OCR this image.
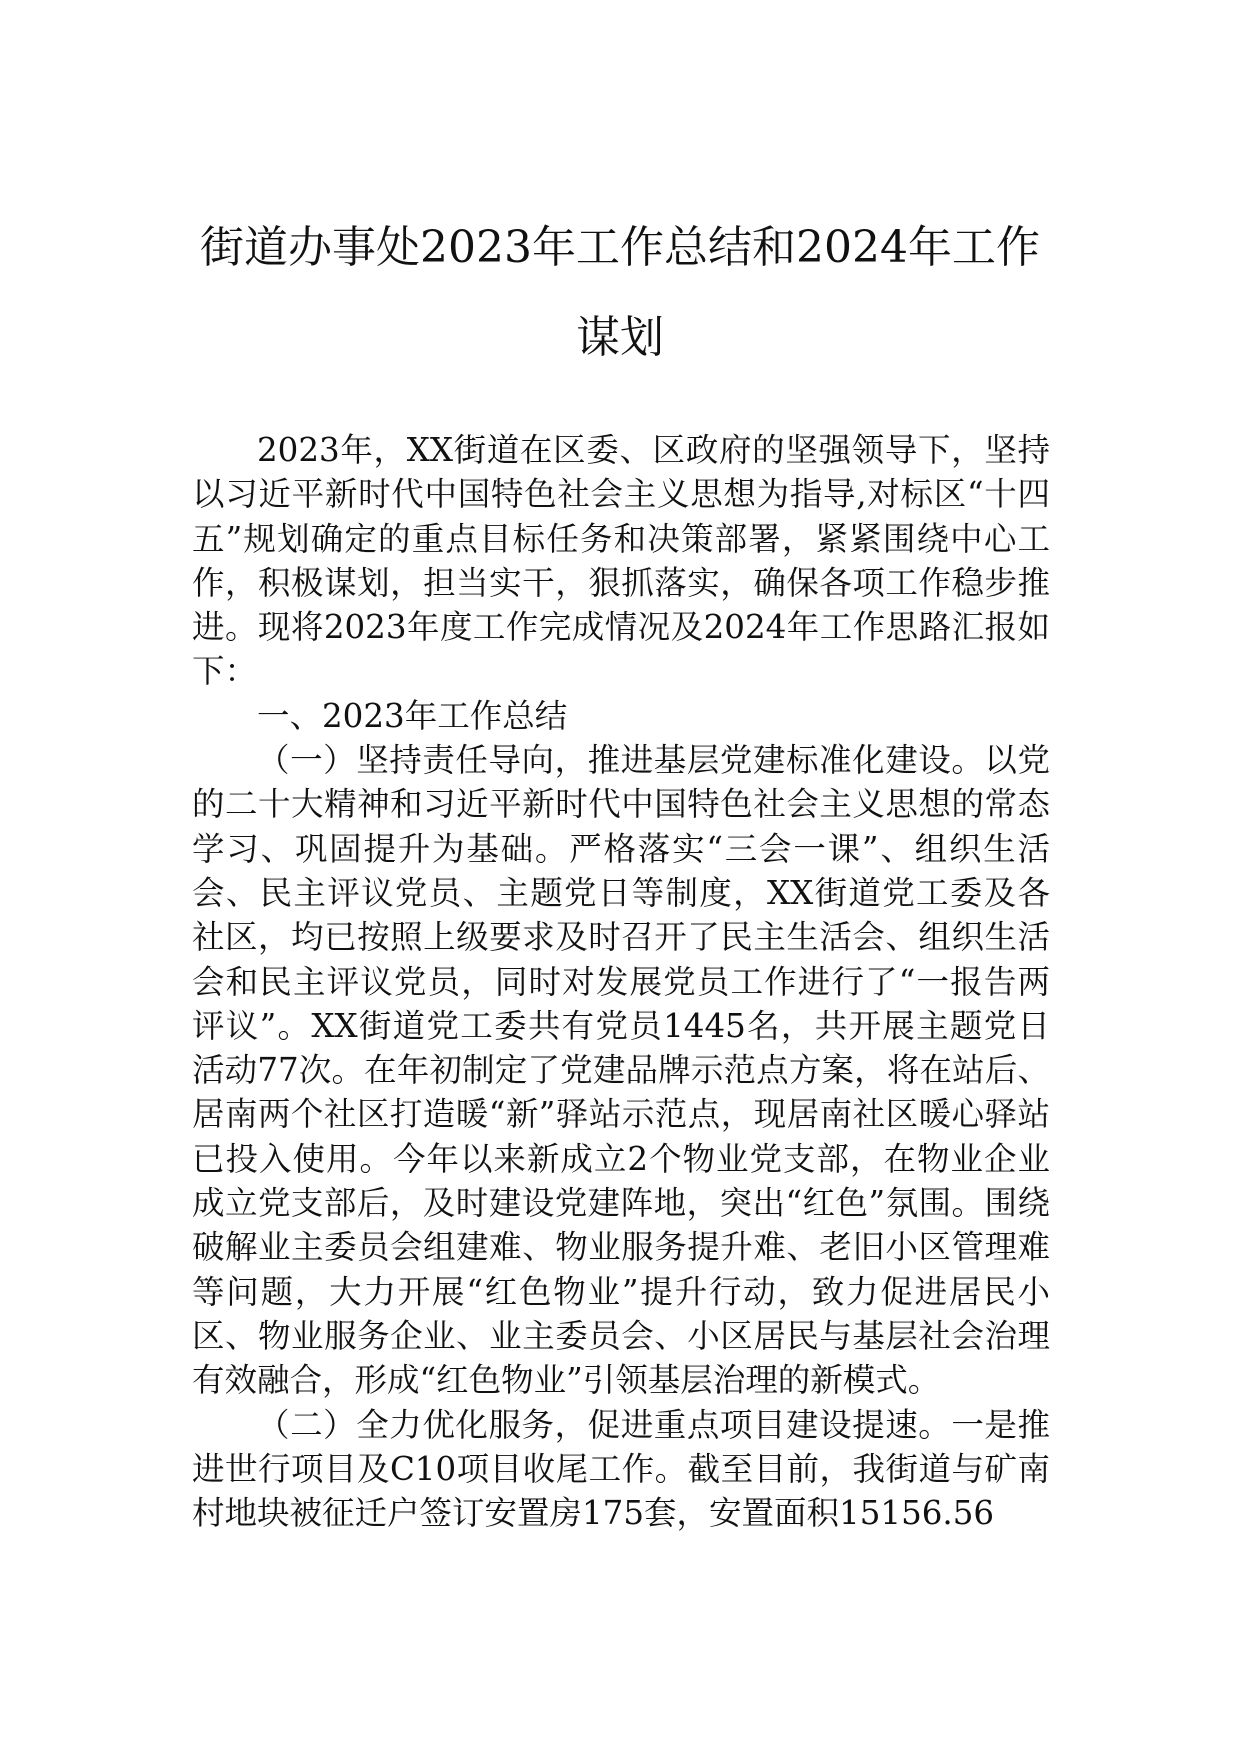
街道办事处2023年工作总结和2024年工作
谋划

2023年，XX街道在区委、区政府的坚强领导下，坚持以习近平新时代中国特色社会主义思想为指导,对标区“十四五”规划确定的重点目标任务和决策部署，紧紧围绕中心工作，积极谋划，担当实干，狠抓落实，确保各项工作稳步推进。现将2023年度工作完成情况及2024年工作思路汇报如下：

一、2023年工作总结

（一）坚持责任导向，推进基层党建标准化建设。以党的二十大精神和习近平新时代中国特色社会主义思想的常态学习、巩固提升为基础。严格落实“三会一课”、组织生活会、民主评议党员、主题党日等制度，XX街道党工委及各社区，均已按照上级要求及时召开了民主生活会、组织生活会和民主评议党员，同时对发展党员工作进行了“一报告两评议”。XX街道党工委共有党员1445名，共开展主题党日活动77次。在年初制定了党建品牌示范点方案，将在站后、居南两个社区打造暖“新”驿站示范点，现居南社区暖心驿站已投入使用。今年以来新成立2个物业党支部，在物业企业成立党支部后，及时建设党建阵地，突出“红色”氛围。围绕破解业主委员会组建难、物业服务提升难、老旧小区管理难等问题，大力开展“红色物业”提升行动，致力促进居民小区、物业服务企业、业主委员会、小区居民与基层社会治理有效融合，形成“红色物业”引领基层治理的新模式。

（二）全力优化服务，促进重点项目建设提速。一是推进世行项目及C10项目收尾工作。截至目前，我街道与矿南村地块被征迁户签订安置房175套，安置面积15156.56
